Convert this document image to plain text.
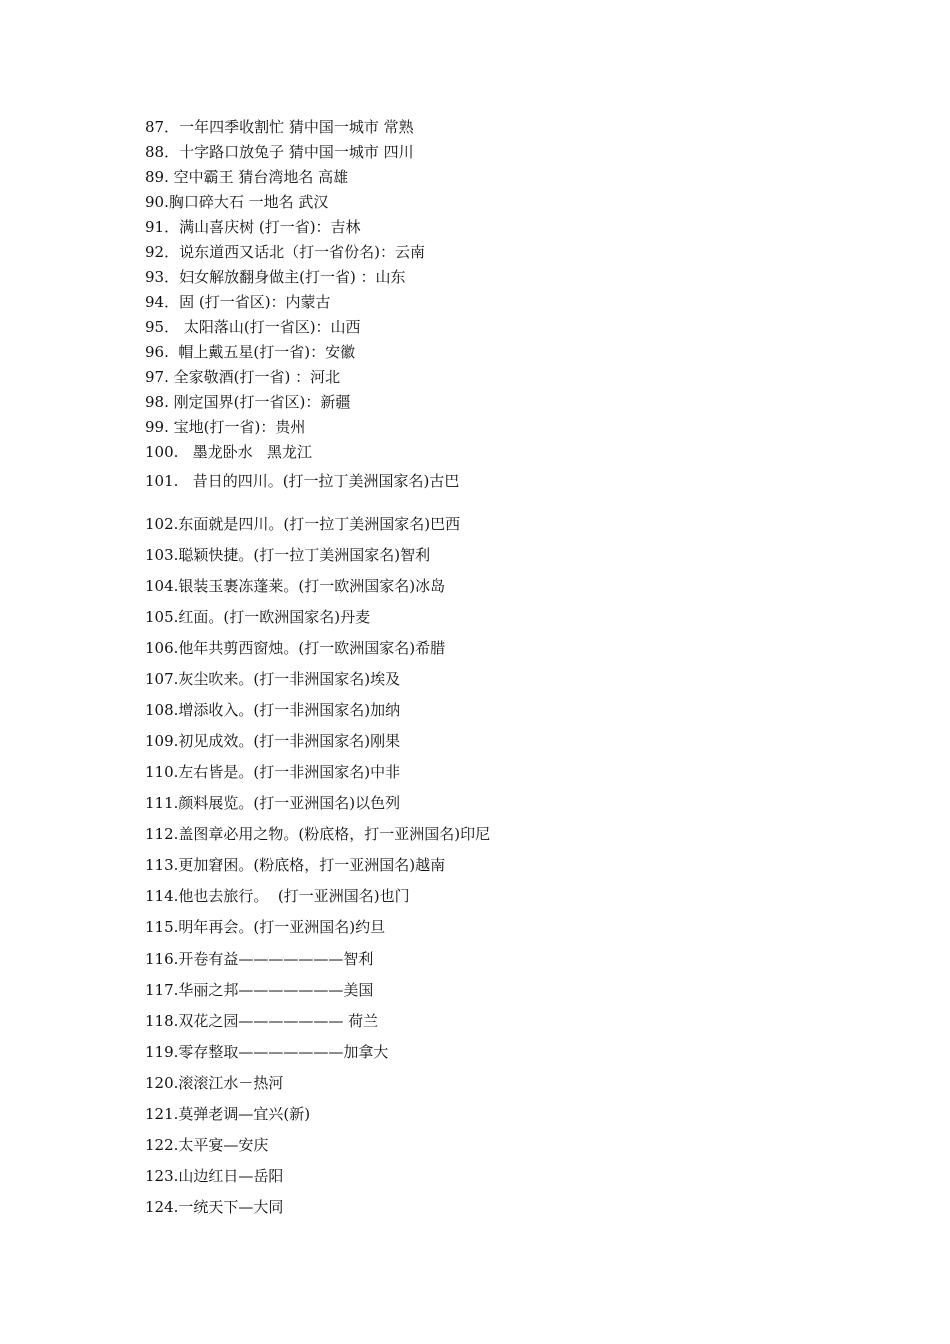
87．一年四季收割忙 猜中国一城市 常熟
88．十字路口放兔子 猜中国一城市 四川
89. 空中霸王 猜台湾地名 高雄
90.胸口碎大石 一地名 武汉
91．满山喜庆树 (打一省)：吉林
92．说东道西又话北（打一省份名)：云南
93．妇女解放翻身做主(打一省) ：山东
94．固 (打一省区)：内蒙古
95． 太阳落山(打一省区)：山西
96.  帽上戴五星(打一省)：安徽
97. 全家敬酒(打一省) ：河北
98. 刚定国界(打一省区)：新疆
99. 宝地(打一省)：贵州
100.   墨龙卧水   黑龙江
101.   昔日的四川。(打一拉丁美洲国家名)古巴
102.东面就是四川。(打一拉丁美洲国家名)巴西
103.聪颖快捷。(打一拉丁美洲国家名)智利
104.银装玉裹冻蓬莱。(打一欧洲国家名)冰岛
105.红面。(打一欧洲国家名)丹麦
106.他年共剪西窗烛。(打一欧洲国家名)希腊
107.灰尘吹来。(打一非洲国家名)埃及
108.增添收入。(打一非洲国家名)加纳
109.初见成效。(打一非洲国家名)刚果
110.左右皆是。(打一非洲国家名)中非
111.颜料展览。(打一亚洲国名)以色列
112.盖图章必用之物。(粉底格，打一亚洲国名)印尼
113.更加窘困。(粉底格，打一亚洲国名)越南
114.他也去旅行。  (打一亚洲国名)也门
115.明年再会。(打一亚洲国名)约旦
116.开卷有益———————智利
117.华丽之邦———————美国
118.双花之园——————— 荷兰
119.零存整取———————加拿大
120.滚滚江水－热河
121.莫弹老调—宜兴(新)
122.太平宴—安庆
123.山边红日—岳阳
124.一统天下—大同
